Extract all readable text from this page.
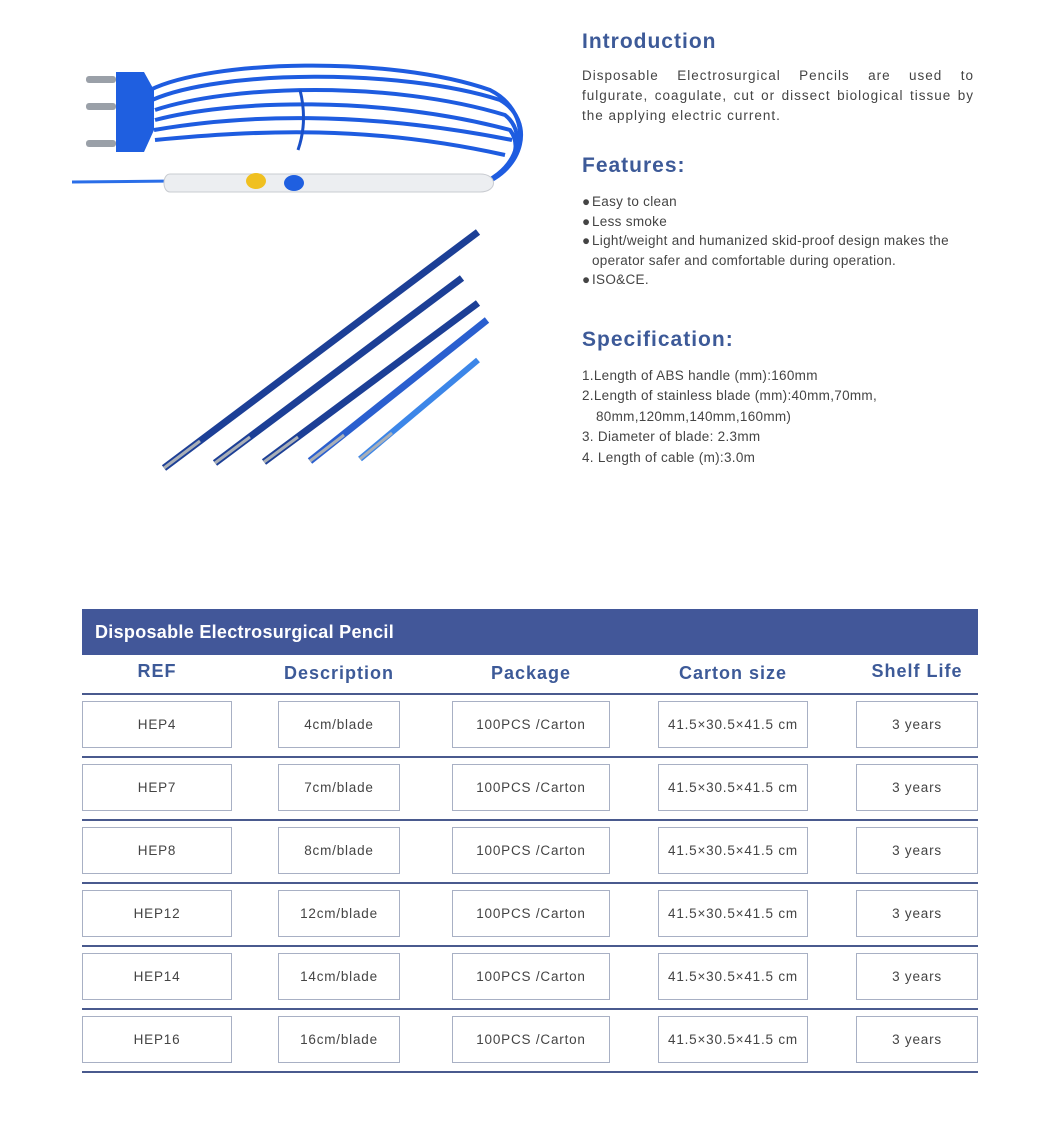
Introduction

Disposable Electrosurgical Pencils are used to fulgurate, coagulate, cut or dissect biological tissue by the applying electric current.

Features:
● Easy to clean
● Less smoke
● Light/weight and humanized skid-proof design makes the operator safer and comfortable during operation.
● ISO&CE.
Specification:
1.Length of ABS handle (mm):160mm
2.Length of stainless blade (mm):40mm,70mm,
80mm,120mm,140mm,160mm)
3. Diameter of blade: 2.3mm
4. Length of cable (m):3.0m
Disposable Electrosurgical Pencil
REF	Description	Package	Carton size	Shelf Life
HEP4	4cm/blade	100PCS /Carton	41.5×30.5×41.5 cm	3 years
HEP7	7cm/blade	100PCS /Carton	41.5×30.5×41.5 cm	3 years
HEP8	8cm/blade	100PCS /Carton	41.5×30.5×41.5 cm	3 years
HEP12	12cm/blade	100PCS /Carton	41.5×30.5×41.5 cm	3 years
HEP14	14cm/blade	100PCS /Carton	41.5×30.5×41.5 cm	3 years
HEP16	16cm/blade	100PCS /Carton	41.5×30.5×41.5 cm	3 years
